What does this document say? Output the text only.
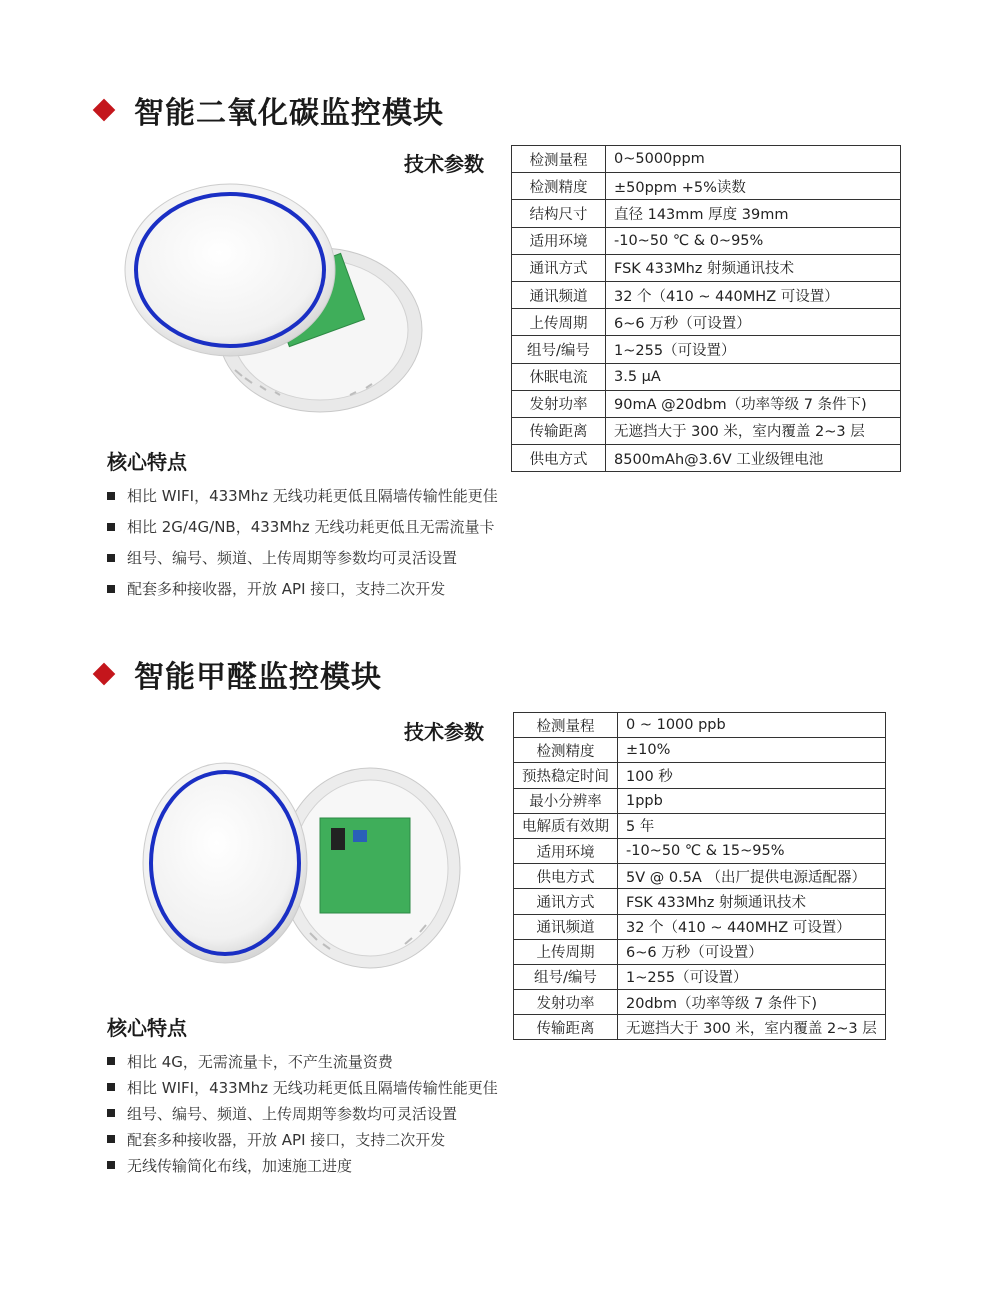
智能二氧化碳监控模块
技术参数	检测量程	0~5000ppm
检测精度	±50ppm +5%读数
结构尺寸	直径 143mm 厚度 39mm
适用环境	-10~50 ℃ & 0~95%
通讯方式	FSK 433Mhz 射频通讯技术
通讯频道	32 个（410 ~ 440MHZ 可设置）
上传周期	6~6 万秒（可设置）
组号/编号	1~255（可设置）
休眠电流	3.5 μA
发射功率	90mA @20dbm（功率等级 7 条件下)
传输距离	无遮挡大于 300 米，室内覆盖 2~3 层
供电方式	8500mAh@3.6V 工业级锂电池
核心特点
相比 WIFI，433Mhz 无线功耗更低且隔墙传输性能更佳
相比 2G/4G/NB，433Mhz 无线功耗更低且无需流量卡
组号、编号、频道、上传周期等参数均可灵活设置
配套多种接收器，开放 API 接口，支持二次开发
智能甲醛监控模块
技术参数	检测量程	0 ~ 1000 ppb
检测精度	±10%
预热稳定时间	100 秒
最小分辨率	1ppb
电解质有效期	5 年
适用环境	-10~50 ℃ & 15~95%
供电方式	5V @ 0.5A （出厂提供电源适配器）
通讯方式	FSK 433Mhz 射频通讯技术
通讯频道	32 个（410 ~ 440MHZ 可设置）
上传周期	6~6 万秒（可设置）
组号/编号	1~255（可设置）
发射功率	20dbm（功率等级 7 条件下)
传输距离	无遮挡大于 300 米，室内覆盖 2~3 层
核心特点
相比 4G，无需流量卡，不产生流量资费
相比 WIFI，433Mhz 无线功耗更低且隔墙传输性能更佳
组号、编号、频道、上传周期等参数均可灵活设置
配套多种接收器，开放 API 接口，支持二次开发
无线传输简化布线，加速施工进度
